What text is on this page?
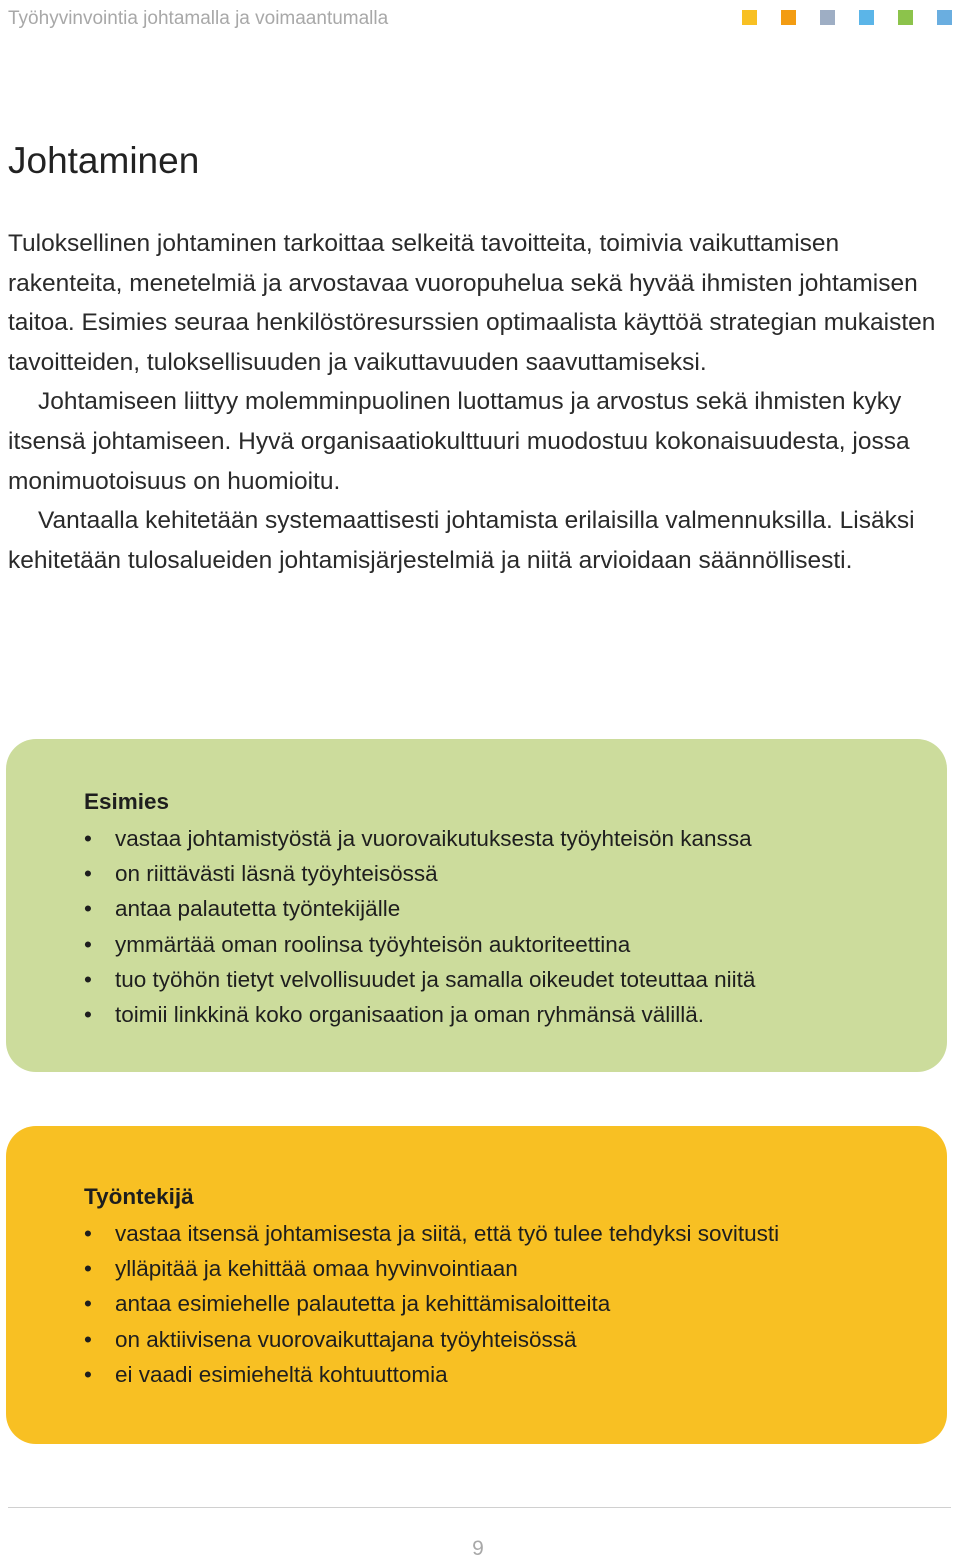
Työhyvinvointia johtamalla ja voimaantumalla
Johtaminen

Tuloksellinen johtaminen tarkoittaa selkeitä tavoitteita, toimivia vaikuttamisen rakenteita, menetelmiä ja arvostavaa vuoropuhelua sekä hyvää ihmisten johtamisen taitoa. Esimies seuraa henkilöstöresurssien optimaalista käyttöä strategian mukaisten tavoitteiden, tuloksellisuuden ja vaikuttavuuden saavuttamiseksi.

Johtamiseen liittyy molemminpuolinen luottamus ja arvostus sekä ihmisten kyky itsensä johtamiseen. Hyvä organisaatiokulttuuri muodostuu kokonaisuudesta, jossa monimuotoisuus on huomioitu.

Vantaalla kehitetään systemaattisesti johtamista erilaisilla valmennuksilla. Lisäksi kehitetään tulosalueiden johtamisjärjestelmiä ja niitä arvioidaan säännöllisesti.

Esimies
• vastaa johtamistyöstä ja vuorovaikutuksesta työyhteisön kanssa
• on riittävästi läsnä työyhteisössä
• antaa palautetta työntekijälle
• ymmärtää oman roolinsa työyhteisön auktoriteettina
• tuo työhön tietyt velvollisuudet ja samalla oikeudet toteuttaa niitä
• toimii linkkinä koko organisaation ja oman ryhmänsä välillä.
Työntekijä
• vastaa itsensä johtamisesta ja siitä, että työ tulee tehdyksi sovitusti
• ylläpitää ja kehittää omaa hyvinvointiaan
• antaa esimiehelle palautetta ja kehittämisaloitteita
• on aktiivisena vuorovaikuttajana työyhteisössä
• ei vaadi esimieheltä kohtuuttomia
9
